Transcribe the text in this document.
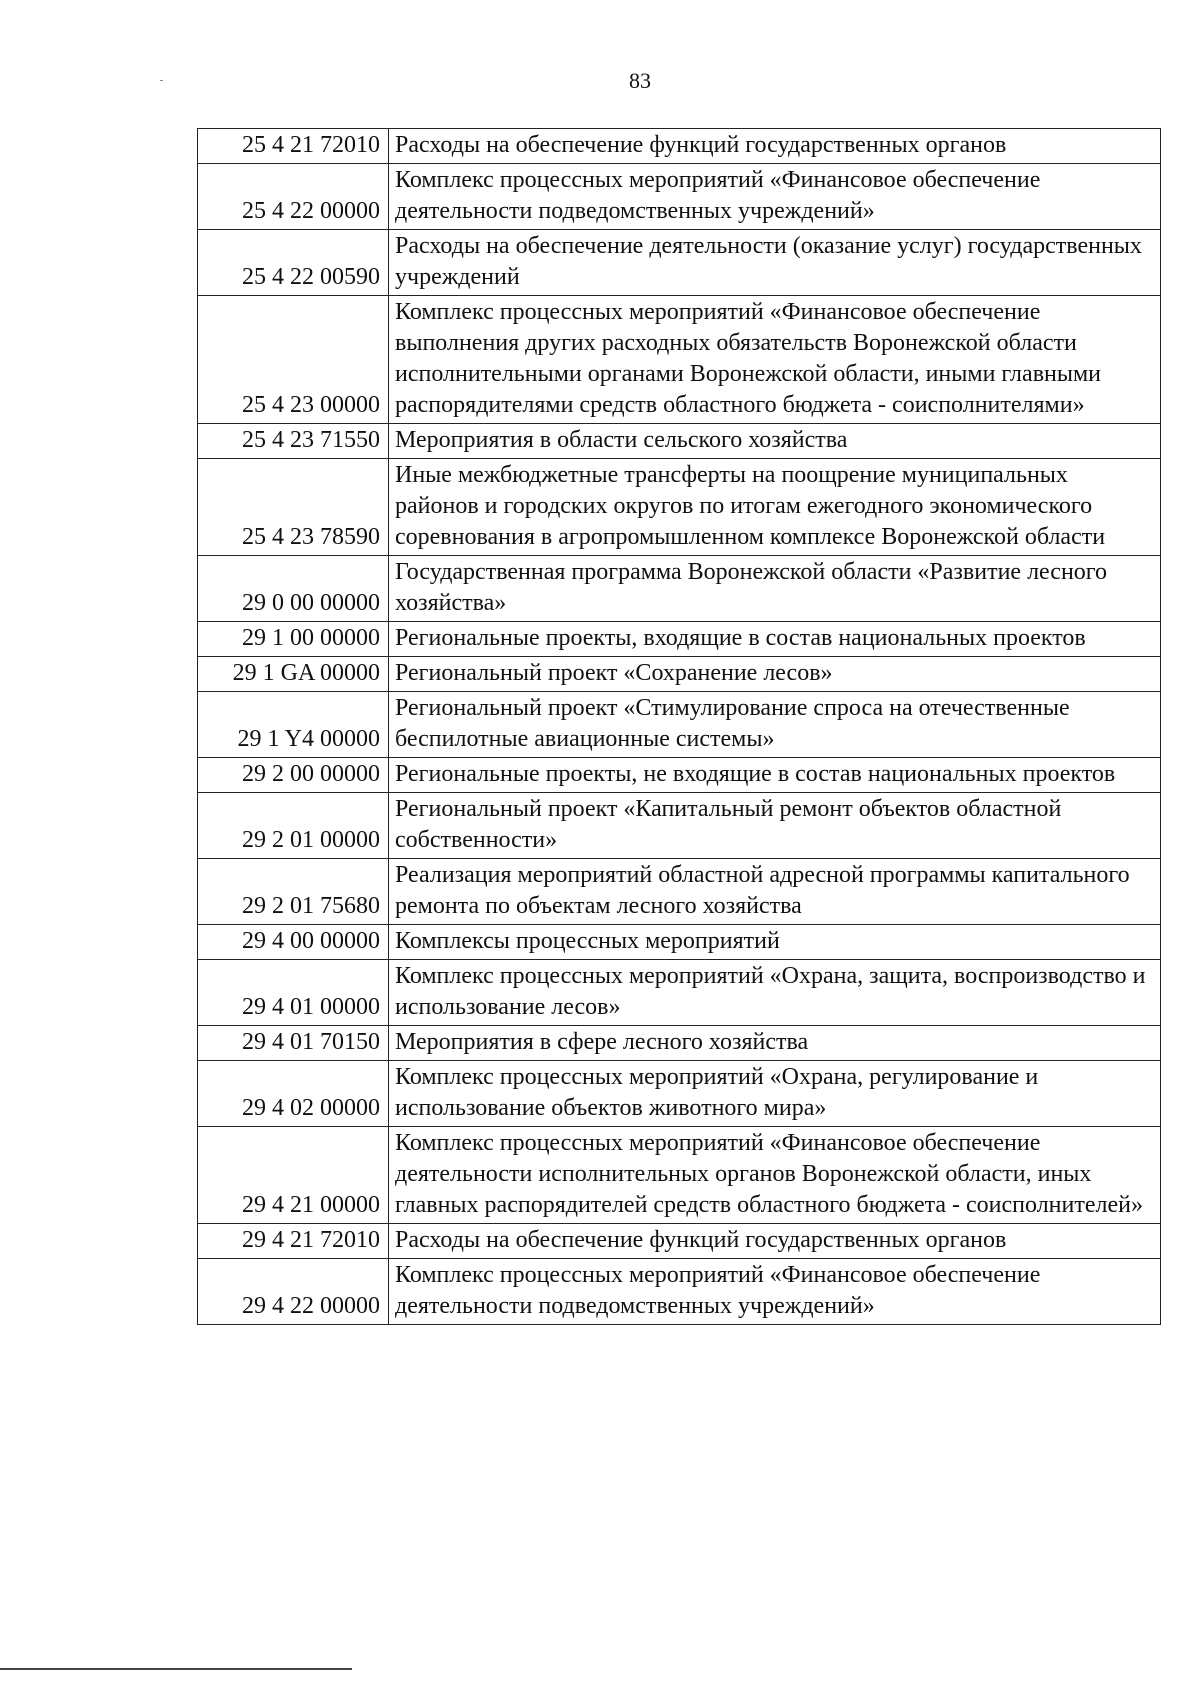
83
25 4 21 72010	Расходы на обеспечение функций государственных органов
25 4 22 00000	Комплекс процессных мероприятий «Финансовое обеспечение деятельности подведомственных учреждений»
25 4 22 00590	Расходы на обеспечение деятельности (оказание услуг) государственных учреждений
25 4 23 00000	Комплекс процессных мероприятий «Финансовое обеспечение выполнения других расходных обязательств Воронежской области исполнительными органами Воронежской области, иными главными распорядителями средств областного бюджета - соисполнителями»
25 4 23 71550	Мероприятия в области сельского хозяйства
25 4 23 78590	Иные межбюджетные трансферты на поощрение муниципальных районов и городских округов по итогам ежегодного экономического соревнования в агропромышленном комплексе Воронежской области
29 0 00 00000	Государственная программа Воронежской области «Развитие лесного хозяйства»
29 1 00 00000	Региональные проекты, входящие в состав национальных проектов
29 1 GA 00000	Региональный проект «Сохранение лесов»
29 1 Y4 00000	Региональный проект «Стимулирование спроса на отечественные беспилотные авиационные системы»
29 2 00 00000	Региональные проекты, не входящие в состав национальных проектов
29 2 01 00000	Региональный проект «Капитальный ремонт объектов областной собственности»
29 2 01 75680	Реализация мероприятий областной адресной программы капитального ремонта по объектам лесного хозяйства
29 4 00 00000	Комплексы процессных мероприятий
29 4 01 00000	Комплекс процессных мероприятий «Охрана, защита, воспроизводство и использование лесов»
29 4 01 70150	Мероприятия в сфере лесного хозяйства
29 4 02 00000	Комплекс процессных мероприятий «Охрана, регулирование и использование объектов животного мира»
29 4 21 00000	Комплекс процессных мероприятий «Финансовое обеспечение деятельности исполнительных органов Воронежской области, иных главных распорядителей средств областного бюджета - соисполнителей»
29 4 21 72010	Расходы на обеспечение функций государственных органов
29 4 22 00000	Комплекс процессных мероприятий «Финансовое обеспечение деятельности подведомственных учреждений»
